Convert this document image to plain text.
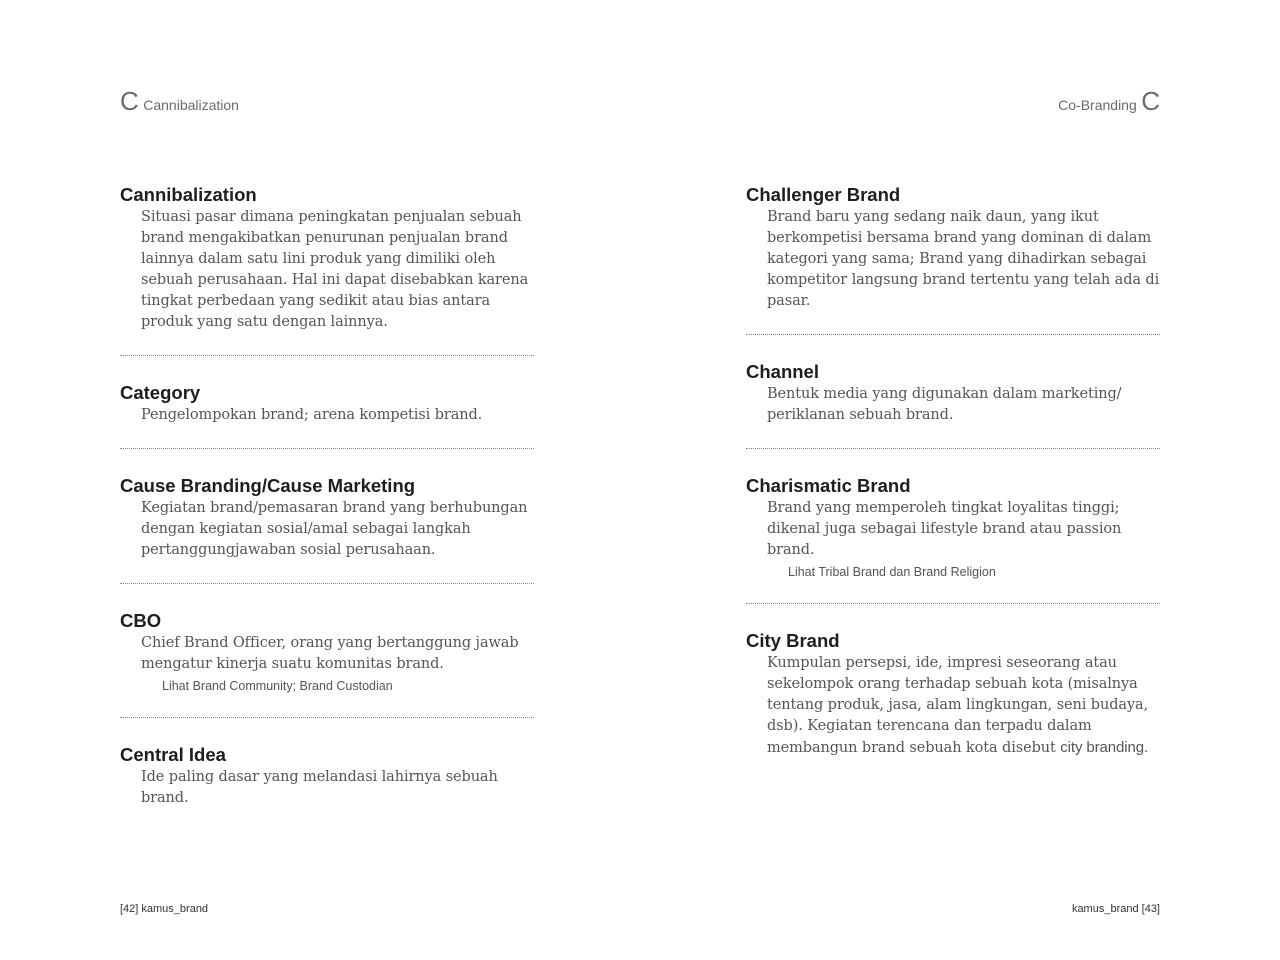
C Cannibalization	Co-Branding C
Cannibalization

Situasi pasar dimana peningkatan penjualan sebuah brand mengakibatkan penurunan penjualan brand lainnya dalam satu lini produk yang dimiliki oleh sebuah perusahaan. Hal ini dapat disebabkan karena tingkat perbedaan yang sedikit atau bias antara produk yang satu dengan lainnya.

Category

Pengelompokan brand; arena kompetisi brand.

Cause Branding/Cause Marketing

Kegiatan brand/pemasaran brand yang berhubungan dengan kegiatan sosial/amal sebagai langkah pertanggungjawaban sosial perusahaan.

CBO

Chief Brand Officer, orang yang bertanggung jawab mengatur kinerja suatu komunitas brand.

Lihat Brand Community; Brand Custodian

Central Idea

Ide paling dasar yang melandasi lahirnya sebuah brand.

Challenger Brand

Brand baru yang sedang naik daun, yang ikut berkompetisi bersama brand yang dominan di dalam kategori yang sama; Brand yang dihadirkan sebagai kompetitor langsung brand tertentu yang telah ada di pasar.

Channel

Bentuk media yang digunakan dalam marketing/ periklanan sebuah brand.

Charismatic Brand

Brand yang memperoleh tingkat loyalitas tinggi; dikenal juga sebagai lifestyle brand atau passion brand.

Lihat Tribal Brand dan Brand Religion

City Brand

Kumpulan persepsi, ide, impresi seseorang atau sekelompok orang terhadap sebuah kota (misalnya tentang produk, jasa, alam lingkungan, seni budaya, dsb). Kegiatan terencana dan terpadu dalam membangun brand sebuah kota disebut city branding.

[42] kamus_brand	kamus_brand [43]
